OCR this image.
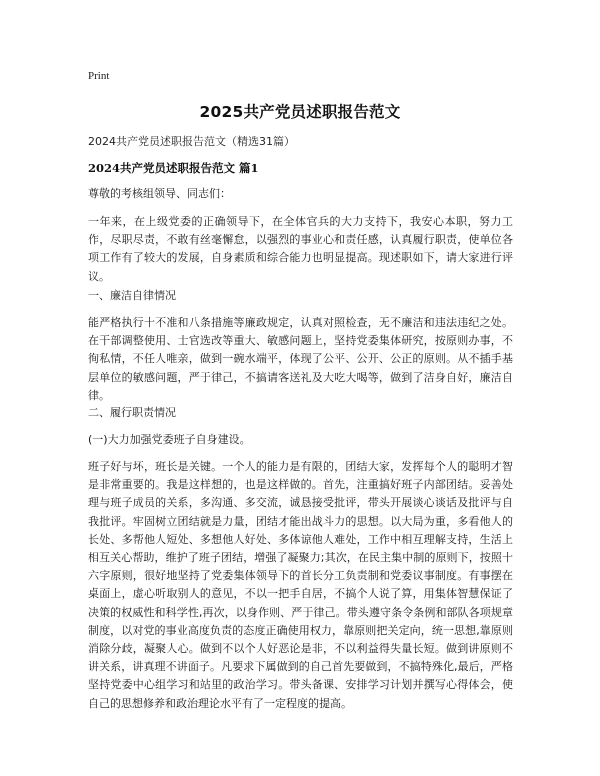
Print
2025共产党员述职报告范文
2024共产党员述职报告范文（精选31篇）
2024共产党员述职报告范文 篇1

尊敬的考核组领导、同志们：

一年来，在上级党委的正确领导下，在全体官兵的大力支持下，我安心本职，努力工作，尽职尽责，不敢有丝毫懈怠，以强烈的事业心和责任感，认真履行职责，使单位各项工作有了较大的发展，自身素质和综合能力也明显提高。现述职如下，请大家进行评议。

一、廉洁自律情况

能严格执行十不准和八条措施等廉政规定，认真对照检查，无不廉洁和违法违纪之处。在干部调整使用、士官选改等重大、敏感问题上，坚持党委集体研究，按原则办事，不徇私情，不任人唯亲，做到一碗水端平，体现了公平、公开、公正的原则。从不插手基层单位的敏感问题，严于律己，不搞请客送礼及大吃大喝等，做到了洁身自好，廉洁自律。

二、履行职责情况

(一)大力加强党委班子自身建设。

班子好与坏，班长是关键。一个人的能力是有限的，团结大家，发挥每个人的聪明才智是非常重要的。我是这样想的，也是这样做的。首先，注重搞好班子内部团结。妥善处理与班子成员的关系，多沟通、多交流，诚恳接受批评，带头开展谈心谈话及批评与自我批评。牢固树立团结就是力量，团结才能出战斗力的思想。以大局为重，多看他人的长处、多帮他人短处、多想他人好处、多体谅他人难处，工作中相互理解支持，生活上相互关心帮助，维护了班子团结，增强了凝聚力;其次，在民主集中制的原则下，按照十六字原则，很好地坚持了党委集体领导下的首长分工负责制和党委议事制度。有事摆在桌面上，虚心听取别人的意见，不以一把手自居，不搞个人说了算，用集体智慧保证了决策的权威性和科学性,再次，以身作则、严于律己。带头遵守条令条例和部队各项规章制度，以对党的事业高度负责的态度正确使用权力，靠原则把关定向，统一思想,靠原则消除分歧，凝聚人心。做到不以个人好恶论是非，不以利益得失量长短。做到讲原则不讲关系，讲真理不讲面子。凡要求下属做到的自己首先要做到，不搞特殊化,最后，严格坚持党委中心组学习和站里的政治学习。带头备课、安排学习计划并撰写心得体会，使自己的思想修养和政治理论水平有了一定程度的提高。
